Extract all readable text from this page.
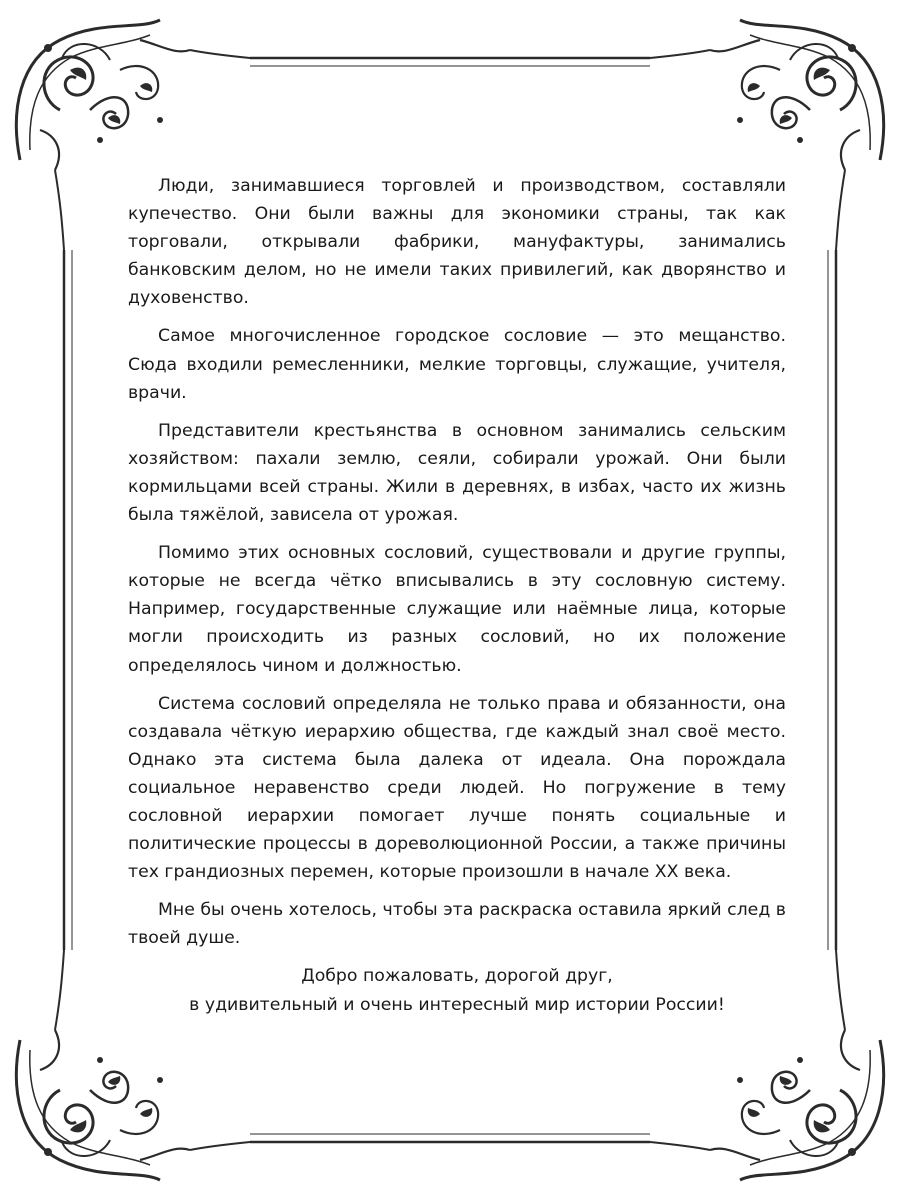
Люди, занимавшиеся торговлей и производством, составляли купечество. Они были важны для экономики страны, так как торговали, открывали фабрики, мануфактуры, занимались банковским делом, но не имели таких привилегий, как дворянство и духовенство.

Самое многочисленное городское сословие — это мещанство. Сюда входили ремесленники, мелкие торговцы, служащие, учителя, врачи.

Представители крестьянства в основном занимались сельским хозяйством: пахали землю, сеяли, собирали урожай. Они были кормильцами всей страны. Жили в деревнях, в избах, часто их жизнь была тяжёлой, зависела от урожая.

Помимо этих основных сословий, существовали и другие группы, которые не всегда чётко вписывались в эту сословную систему. Например, государственные служащие или наёмные лица, которые могли происходить из разных сословий, но их положение определялось чином и должностью.

Система сословий определяла не только права и обязанности, она создавала чёткую иерархию общества, где каждый знал своё место. Однако эта система была далека от идеала. Она порождала социальное неравенство среди людей. Но погружение в тему сословной иерархии помогает лучше понять социальные и политические процессы в дореволюционной России, а также причины тех грандиозных перемен, которые произошли в начале XX века.

Мне бы очень хотелось, чтобы эта раскраска оставила яркий след в твоей душе.

Добро пожаловать, дорогой друг,
в удивительный и очень интересный мир истории России!
